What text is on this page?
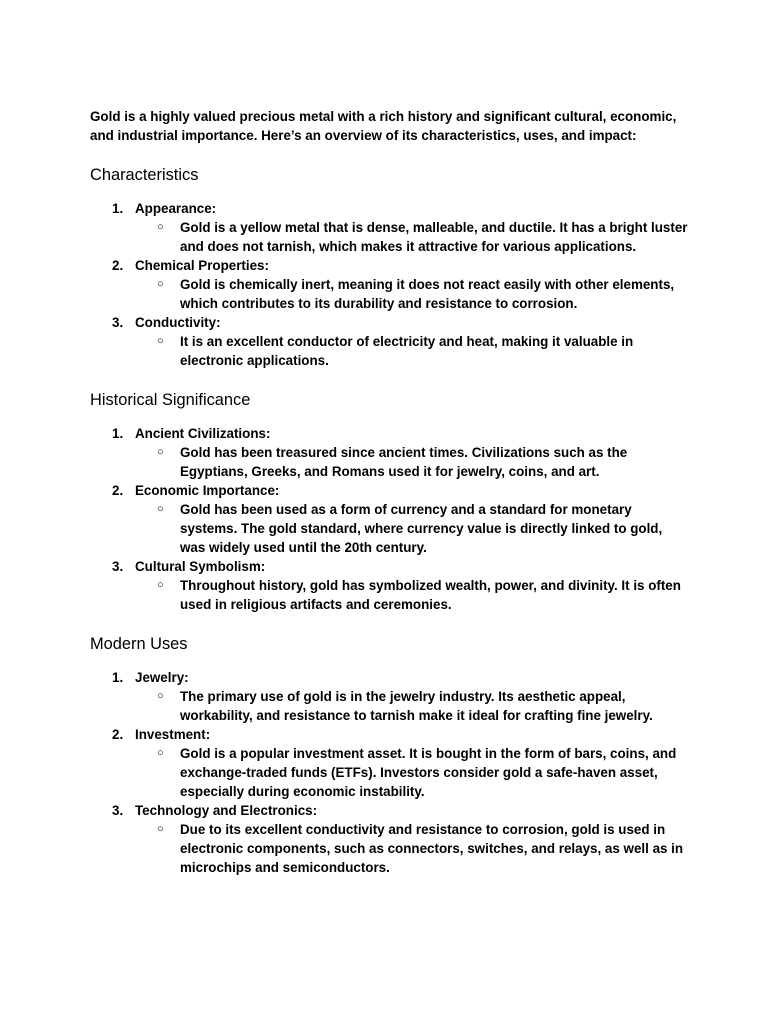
Gold is a highly valued precious metal with a rich history and significant cultural, economic, and industrial importance. Here’s an overview of its characteristics, uses, and impact:

Characteristics
1. Appearance:
○ Gold is a yellow metal that is dense, malleable, and ductile. It has a bright luster and does not tarnish, which makes it attractive for various applications.
2. Chemical Properties:
○ Gold is chemically inert, meaning it does not react easily with other elements, which contributes to its durability and resistance to corrosion.
3. Conductivity:
○ It is an excellent conductor of electricity and heat, making it valuable in electronic applications.
Historical Significance
1. Ancient Civilizations:
○ Gold has been treasured since ancient times. Civilizations such as the Egyptians, Greeks, and Romans used it for jewelry, coins, and art.
2. Economic Importance:
○ Gold has been used as a form of currency and a standard for monetary systems. The gold standard, where currency value is directly linked to gold, was widely used until the 20th century.
3. Cultural Symbolism:
○ Throughout history, gold has symbolized wealth, power, and divinity. It is often used in religious artifacts and ceremonies.
Modern Uses
1. Jewelry:
○ The primary use of gold is in the jewelry industry. Its aesthetic appeal, workability, and resistance to tarnish make it ideal for crafting fine jewelry.
2. Investment:
○ Gold is a popular investment asset. It is bought in the form of bars, coins, and exchange-traded funds (ETFs). Investors consider gold a safe-haven asset, especially during economic instability.
3. Technology and Electronics:
○ Due to its excellent conductivity and resistance to corrosion, gold is used in electronic components, such as connectors, switches, and relays, as well as in microchips and semiconductors.
